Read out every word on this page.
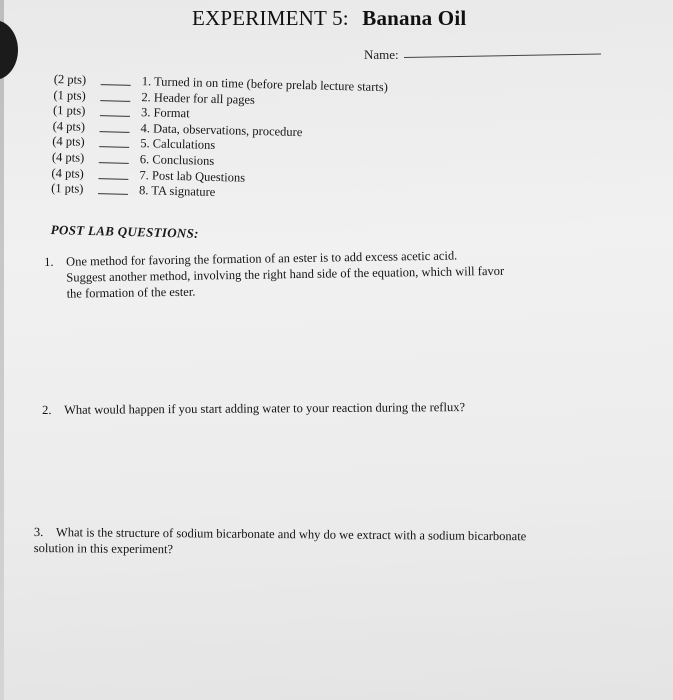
EXPERIMENT 5: Banana Oil
Name:
(2 pts)	1. Turned in on time (before prelab lecture starts)
(1 pts)	2. Header for all pages
(1 pts)	3. Format
(4 pts)	4. Data, observations, procedure
(4 pts)	5. Calculations
(4 pts)	6. Conclusions
(4 pts)	7. Post lab Questions
(1 pts)	8. TA signature
POST LAB QUESTIONS:
1. One method for favoring the formation of an ester is to add excess acetic acid.
Suggest another method, involving the right hand side of the equation, which will favor
the formation of the ester.
2. What would happen if you start adding water to your reaction during the reflux?
3. What is the structure of sodium bicarbonate and why do we extract with a sodium bicarbonate
solution in this experiment?
